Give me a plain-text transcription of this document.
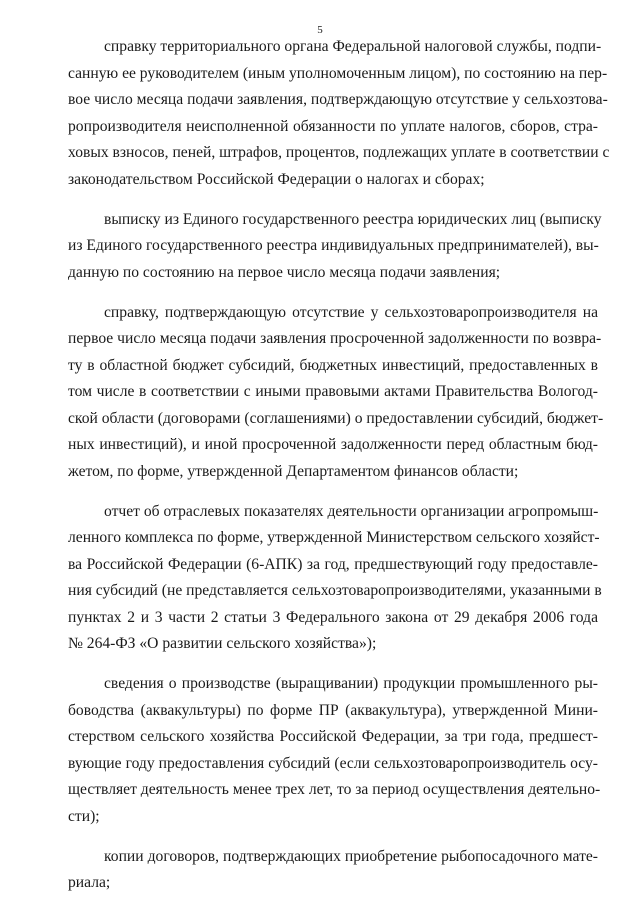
5
справку территориального органа Федеральной налоговой службы, подпи-
санную ее руководителем (иным уполномоченным лицом), по состоянию на пер-
вое число месяца подачи заявления, подтверждающую отсутствие у сельхозтова-
ропроизводителя неисполненной обязанности по уплате налогов, сборов, стра-
ховых взносов, пеней, штрафов, процентов, подлежащих уплате в соответствии с
законодательством Российской Федерации о налогах и сборах;
выписку из Единого государственного реестра юридических лиц (выписку
из Единого государственного реестра индивидуальных предпринимателей), вы-
данную по состоянию на первое число месяца подачи заявления;
справку, подтверждающую отсутствие у сельхозтоваропроизводителя на
первое число месяца подачи заявления просроченной задолженности по возвра-
ту в областной бюджет субсидий, бюджетных инвестиций, предоставленных в
том числе в соответствии с иными правовыми актами Правительства Вологод-
ской области (договорами (соглашениями) о предоставлении субсидий, бюджет-
ных инвестиций), и иной просроченной задолженности перед областным бюд-
жетом, по форме, утвержденной Департаментом финансов области;
отчет об отраслевых показателях деятельности организации агропромыш-
ленного комплекса по форме, утвержденной Министерством сельского хозяйст-
ва Российской Федерации (6-АПК) за год, предшествующий году предоставле-
ния субсидий (не представляется сельхозтоваропроизводителями, указанными в
пунктах 2 и 3 части 2 статьи 3 Федерального закона от 29 декабря 2006 года
№ 264-ФЗ «О развитии сельского хозяйства»);
сведения о производстве (выращивании) продукции промышленного ры-
боводства (аквакультуры) по форме ПР (аквакультура), утвержденной Мини-
стерством сельского хозяйства Российской Федерации, за три года, предшест-
вующие году предоставления субсидий (если сельхозтоваропроизводитель осу-
ществляет деятельность менее трех лет, то за период осуществления деятельно-
сти);
копии договоров, подтверждающих приобретение рыбопосадочного мате-
риала;
